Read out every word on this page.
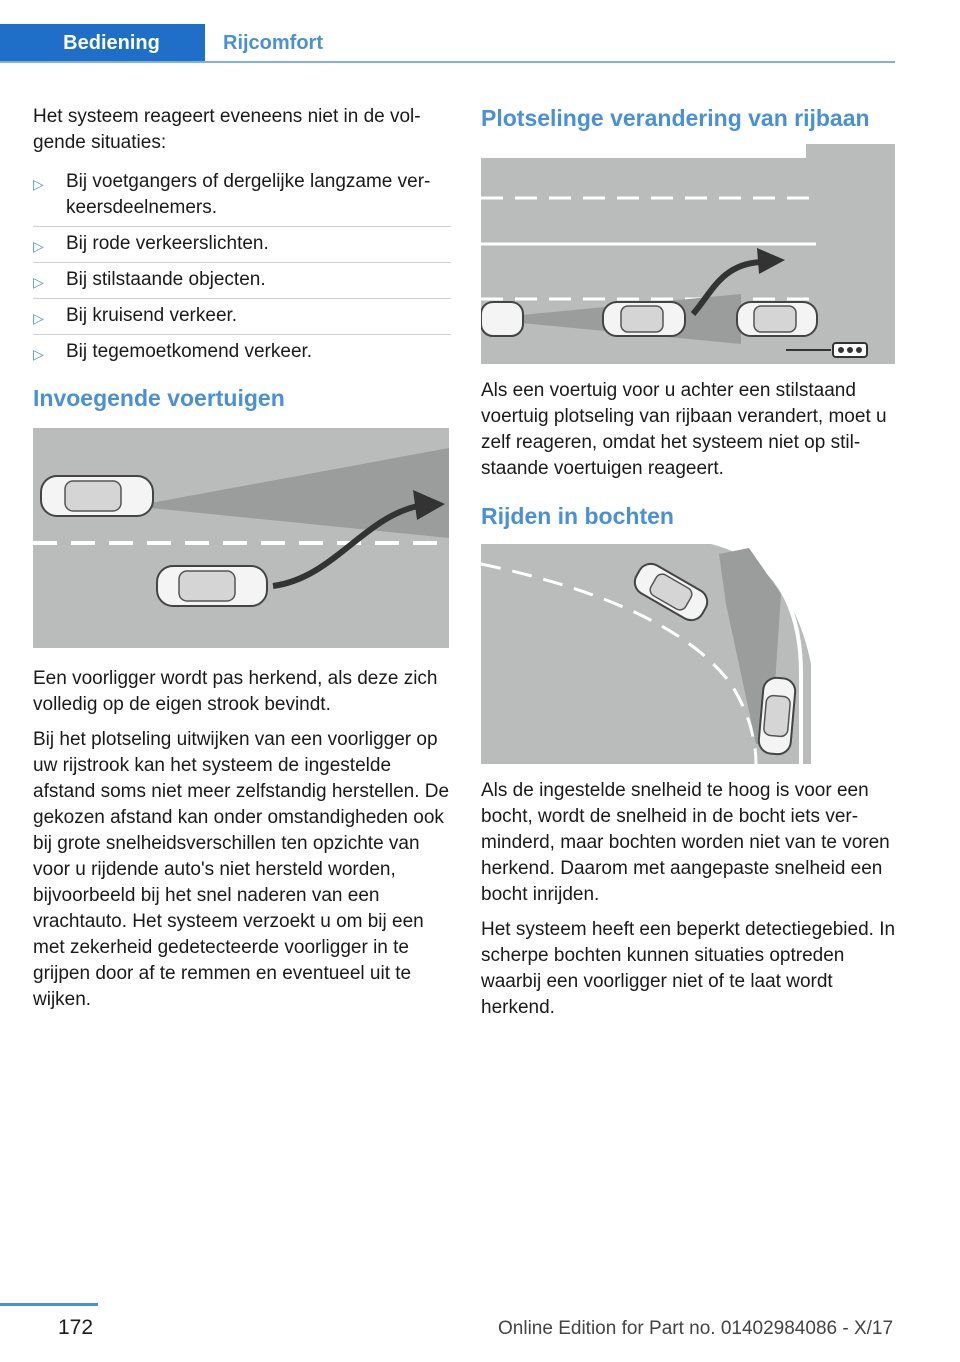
Bediening	Rijcomfort

Het systeem reageert eveneens niet in de volgende situaties:

▷ Bij voetgangers of dergelijke langzame verkeersdeelnemers.
▷ Bij rode verkeerslichten.
▷ Bij stilstaande objecten.
▷ Bij kruisend verkeer.
▷ Bij tegemoetkomend verkeer.
Invoegende voertuigen

Een voorligger wordt pas herkend, als deze zich volledig op de eigen strook bevindt.

Bij het plotseling uitwijken van een voorligger op uw rijstrook kan het systeem de ingestelde afstand soms niet meer zelfstandig herstellen. De gekozen afstand kan onder omstandigheden ook bij grote snelheidsverschillen ten opzichte van voor u rijdende auto's niet hersteld worden, bijvoorbeeld bij het snel naderen van een vrachtauto. Het systeem verzoekt u om bij een met zekerheid gedetecteerde voorligger in te grijpen door af te remmen en eventueel uit te wijken.

Plotselinge verandering van rijbaan

Als een voertuig voor u achter een stilstaand voertuig plotseling van rijbaan verandert, moet u zelf reageren, omdat het systeem niet op stilstaande voertuigen reageert.

Rijden in bochten

Als de ingestelde snelheid te hoog is voor een bocht, wordt de snelheid in de bocht iets verminderd, maar bochten worden niet van te voren herkend. Daarom met aangepaste snelheid een bocht inrijden.

Het systeem heeft een beperkt detectiegebied. In scherpe bochten kunnen situaties optreden waarbij een voorligger niet of te laat wordt herkend.

172	Online Edition for Part no. 01402984086 - X/17
